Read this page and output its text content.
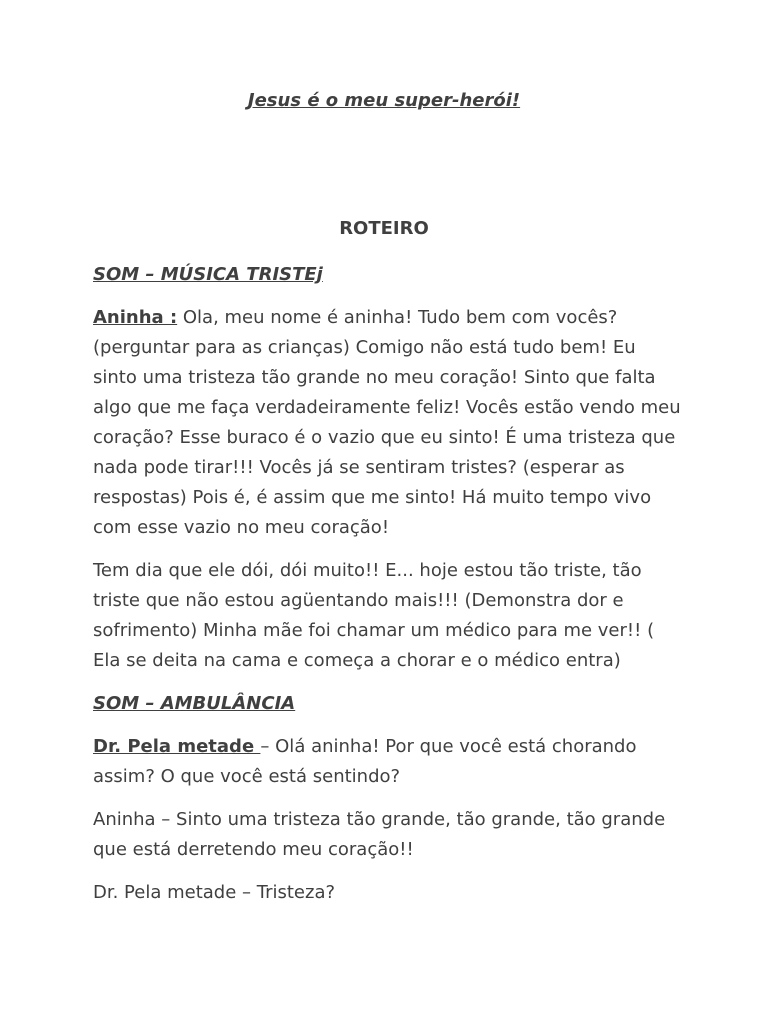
Jesus é o meu super-herói!

ROTEIRO

SOM – MÚSICA TRISTEj

Aninha : Ola, meu nome é aninha! Tudo bem com vocês? (perguntar para as crianças) Comigo não está tudo bem! Eu sinto uma tristeza tão grande no meu coração! Sinto que falta algo que me faça verdadeiramente feliz! Vocês estão vendo meu coração? Esse buraco é o vazio que eu sinto! É uma tristeza que nada pode tirar!!! Vocês já se sentiram tristes? (esperar as respostas) Pois é, é assim que me sinto! Há muito tempo vivo com esse vazio no meu coração!

Tem dia que ele dói, dói muito!! E... hoje estou tão triste, tão triste que não estou agüentando mais!!! (Demonstra dor e sofrimento) Minha mãe foi chamar um médico para me ver!! ( Ela se deita na cama e começa a chorar e o médico entra)

SOM – AMBULÂNCIA

Dr. Pela metade – Olá aninha! Por que você está chorando assim? O que você está sentindo?

Aninha – Sinto uma tristeza tão grande, tão grande, tão grande que está derretendo meu coração!!

Dr. Pela metade – Tristeza?
